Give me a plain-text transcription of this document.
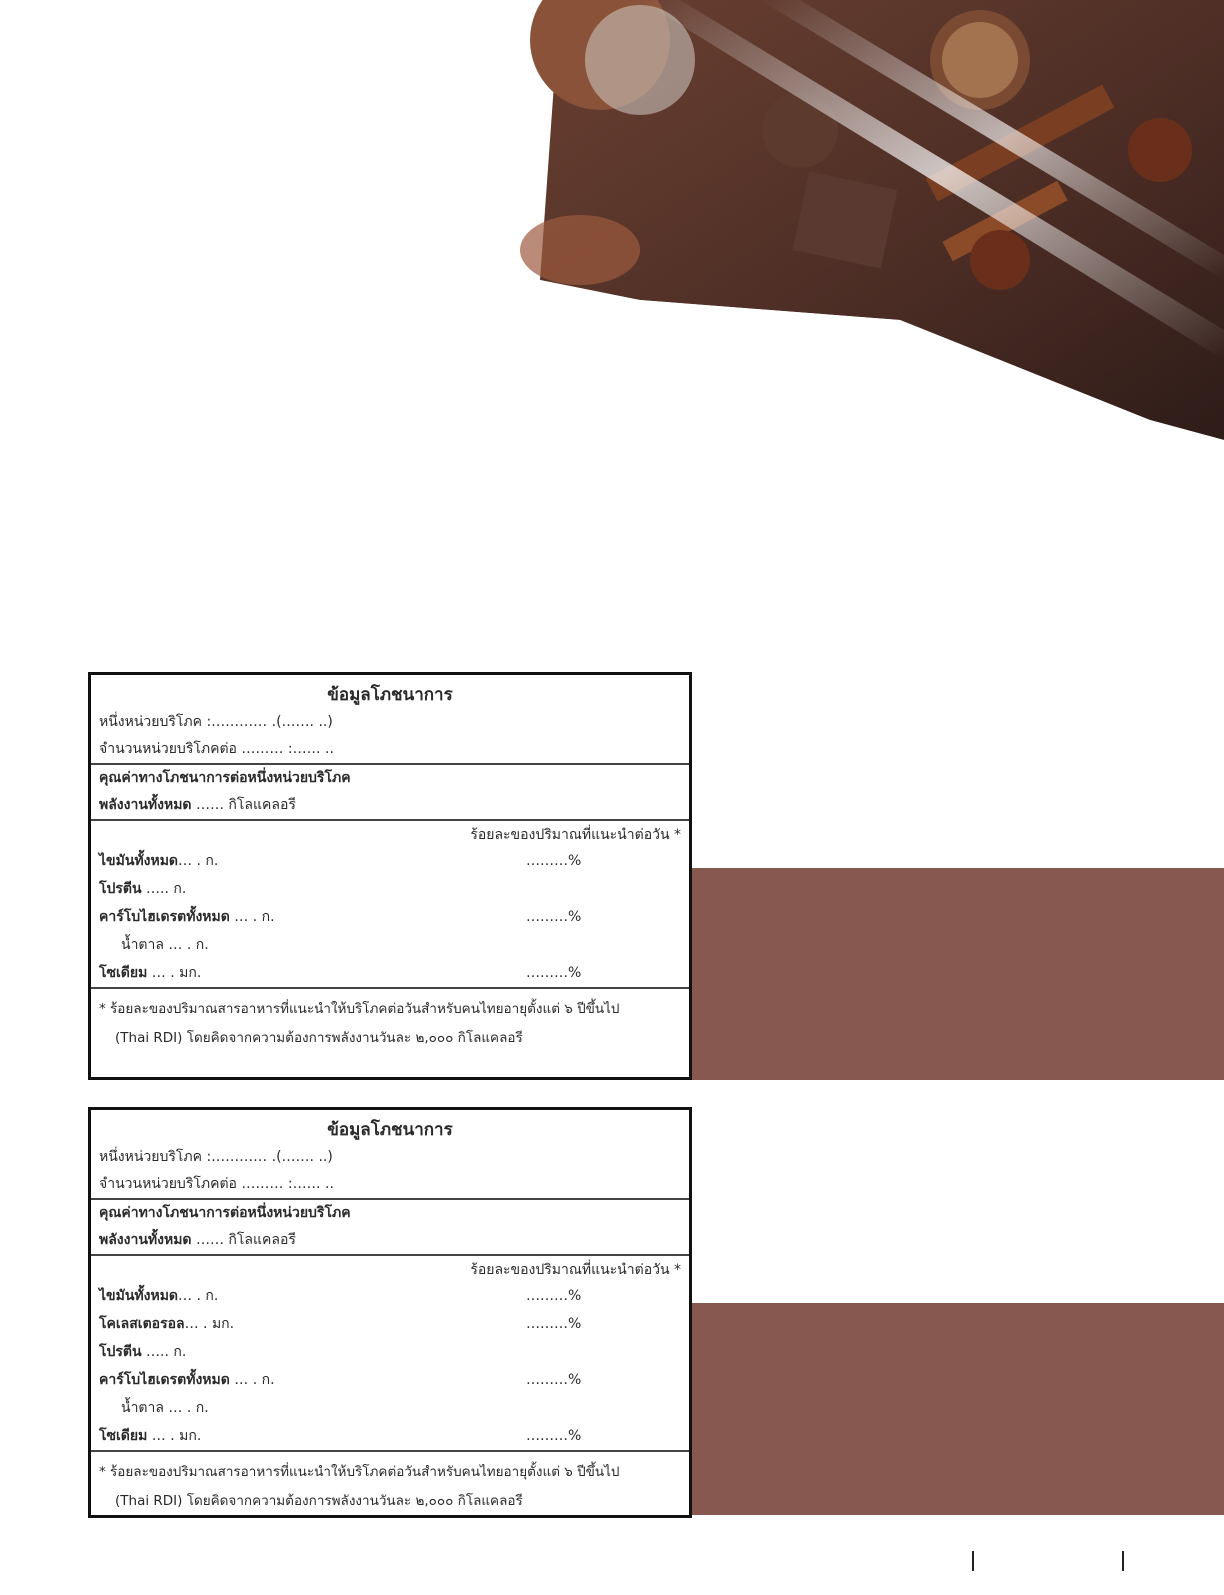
ข้อมูลโภชนาการ
หนึ่งหน่วยบริโภค :………… .(……. ..)
จำนวนหน่วยบริโภคต่อ ……… :…… ..
คุณค่าทางโภชนาการต่อหนึ่งหน่วยบริโภค
พลังงานทั้งหมด …… กิโลแคลอรี
ร้อยละของปริมาณที่แนะนำต่อวัน *
ไขมันทั้งหมด… . ก.	………%
โปรตีน ….. ก.
คาร์โบไฮเดรตทั้งหมด … . ก.	………%
น้ำตาล … . ก.
โซเดียม … . มก.	………%
* ร้อยละของปริมาณสารอาหารที่แนะนำให้บริโภคต่อวันสำหรับคนไทยอายุตั้งแต่ ๖ ปีขึ้นไป
(Thai RDI) โดยคิดจากความต้องการพลังงานวันละ ๒,๐๐๐ กิโลแคลอรี
ข้อมูลโภชนาการ
หนึ่งหน่วยบริโภค :………… .(……. ..)
จำนวนหน่วยบริโภคต่อ ……… :…… ..
คุณค่าทางโภชนาการต่อหนึ่งหน่วยบริโภค
พลังงานทั้งหมด …… กิโลแคลอรี
ร้อยละของปริมาณที่แนะนำต่อวัน *
ไขมันทั้งหมด… . ก.	………%
โคเลสเตอรอล… . มก.	………%
โปรตีน ….. ก.
คาร์โบไฮเดรตทั้งหมด … . ก.	………%
น้ำตาล … . ก.
โซเดียม … . มก.	………%
* ร้อยละของปริมาณสารอาหารที่แนะนำให้บริโภคต่อวันสำหรับคนไทยอายุตั้งแต่ ๖ ปีขึ้นไป
(Thai RDI) โดยคิดจากความต้องการพลังงานวันละ ๒,๐๐๐ กิโลแคลอรี
